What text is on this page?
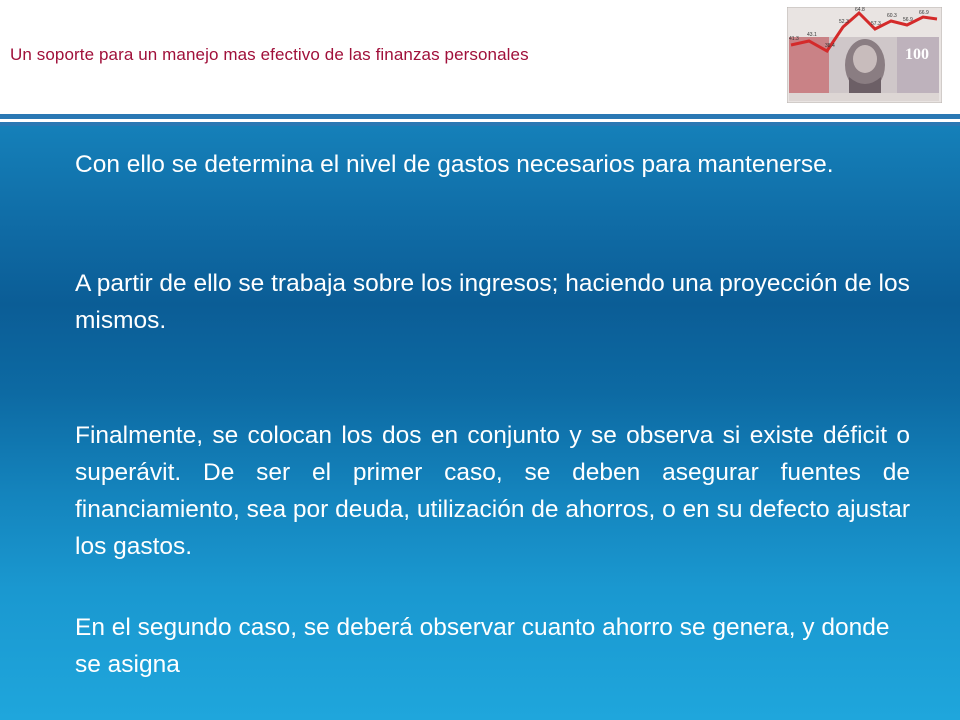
Un soporte para un manejo mas efectivo de las finanzas personales	100
41.3
43.1
38.4
52.3
64.8
57.3
60.3
56.9
66.9
Con ello se determina el nivel de gastos necesarios para mantenerse.
A partir de ello se trabaja sobre los ingresos; haciendo una proyección de los mismos.
Finalmente, se colocan los dos en conjunto y se observa si existe déficit o superávit. De ser el primer caso, se deben asegurar fuentes de financiamiento, sea por deuda, utilización de ahorros, o en su defecto ajustar los gastos.
En el segundo caso, se deberá observar cuanto ahorro se genera, y donde se asigna
